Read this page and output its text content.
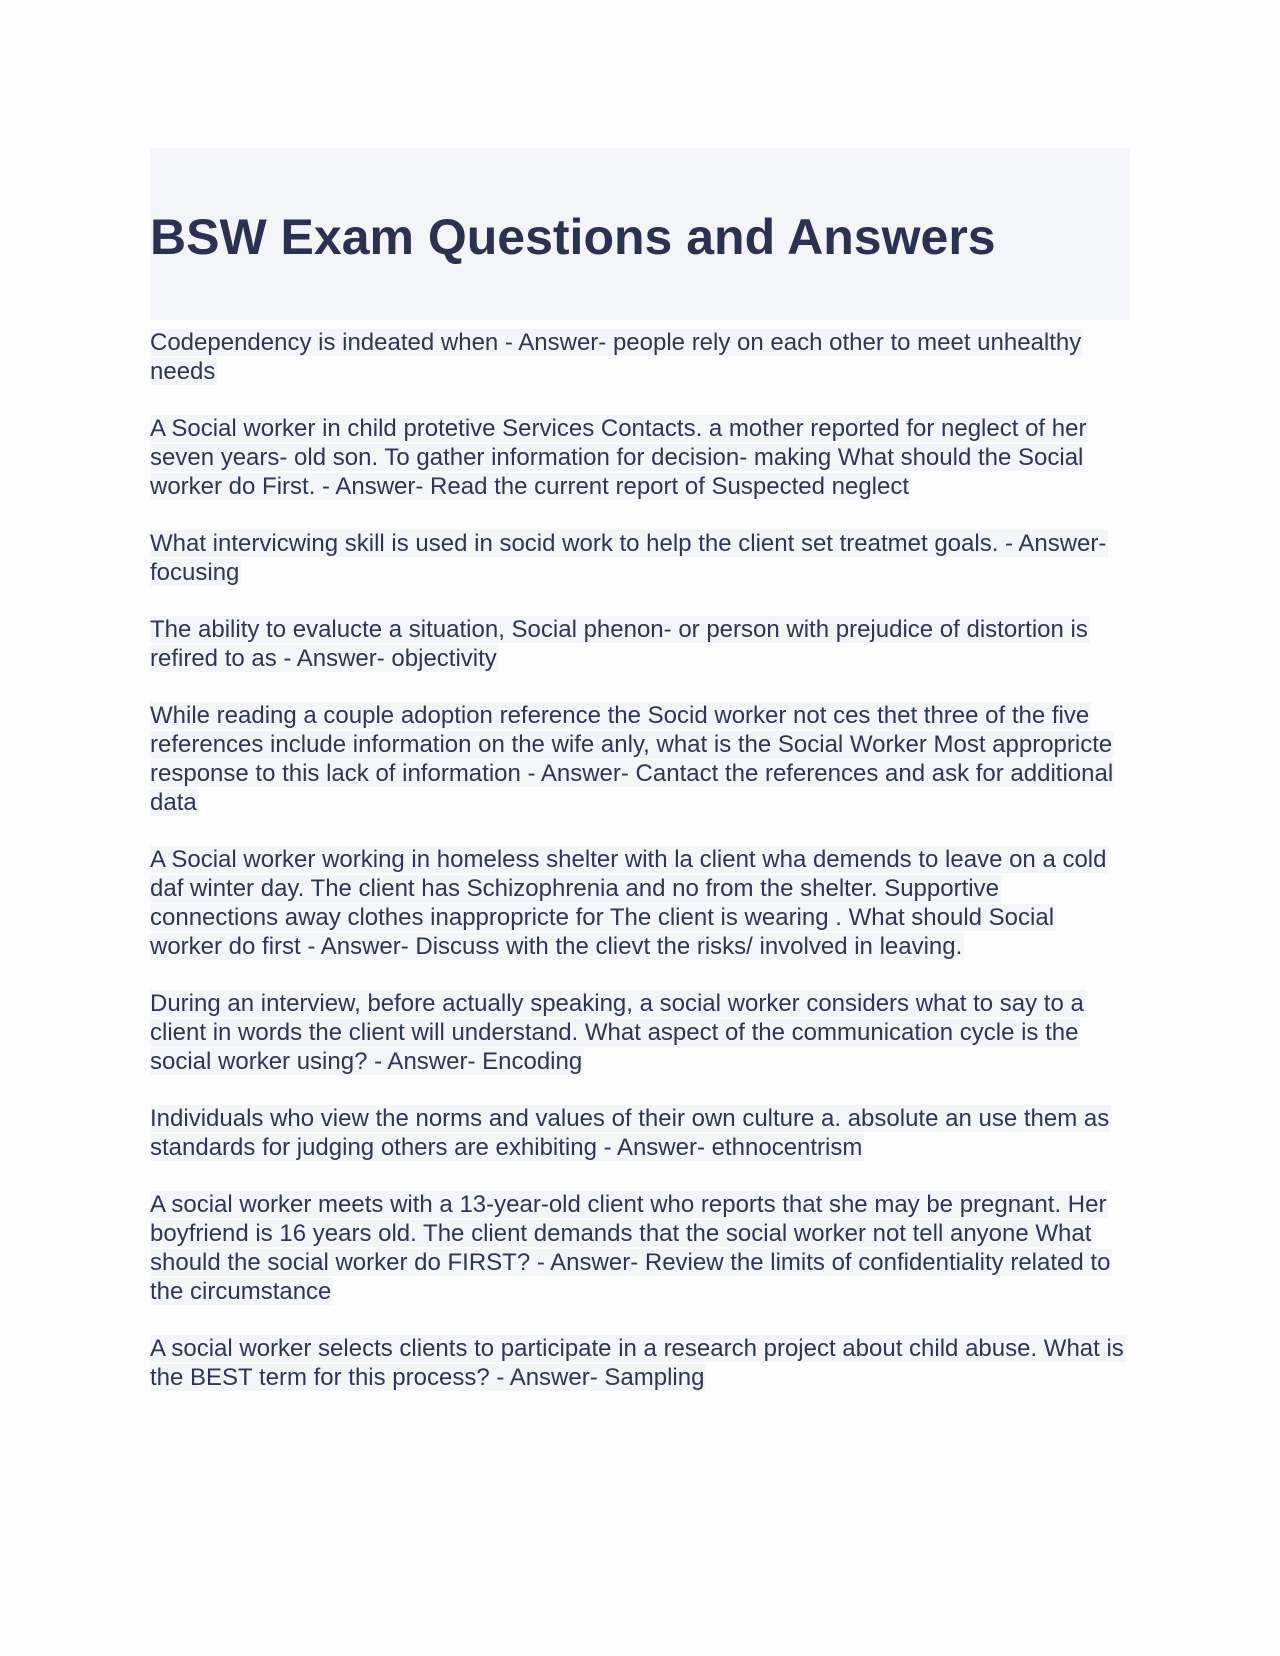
BSW Exam Questions and Answers
Codependency is indeated when - Answer- people rely on each other to meet unhealthy needs
A Social worker in child protetive Services Contacts. a mother reported for neglect of her seven years- old son. To gather information for decision- making What should the Social worker do First. - Answer- Read the current report of Suspected neglect
What intervicwing skill is used in socid work to help the client set treatmet goals. - Answer- focusing
The ability to evalucte a situation, Social phenon- or person with prejudice of distortion is refired to as - Answer- objectivity
While reading a couple adoption reference the Socid worker not ces thet three of the five references include information on the wife anly, what is the Social Worker Most appropricte response to this lack of information - Answer- Cantact the references and ask for additional data
A Social worker working in homeless shelter with la client wha demends to leave on a cold daf winter day. The client has Schizophrenia and no from the shelter. Supportive connections away clothes inappropricte for The client is wearing . What should Social worker do first - Answer- Discuss with the clievt the risks/ involved in leaving.
During an interview, before actually speaking, a social worker considers what to say to a client in words the client will understand. What aspect of the communication cycle is the social worker using? - Answer- Encoding
Individuals who view the norms and values of their own culture a. absolute an use them as standards for judging others are exhibiting - Answer- ethnocentrism
A social worker meets with a 13-year-old client who reports that she may be pregnant. Her boyfriend is 16 years old. The client demands that the social worker not tell anyone What should the social worker do FIRST? - Answer- Review the limits of confidentiality related to the circumstance
A social worker selects clients to participate in a research project about child abuse. What is the BEST term for this process? - Answer- Sampling
